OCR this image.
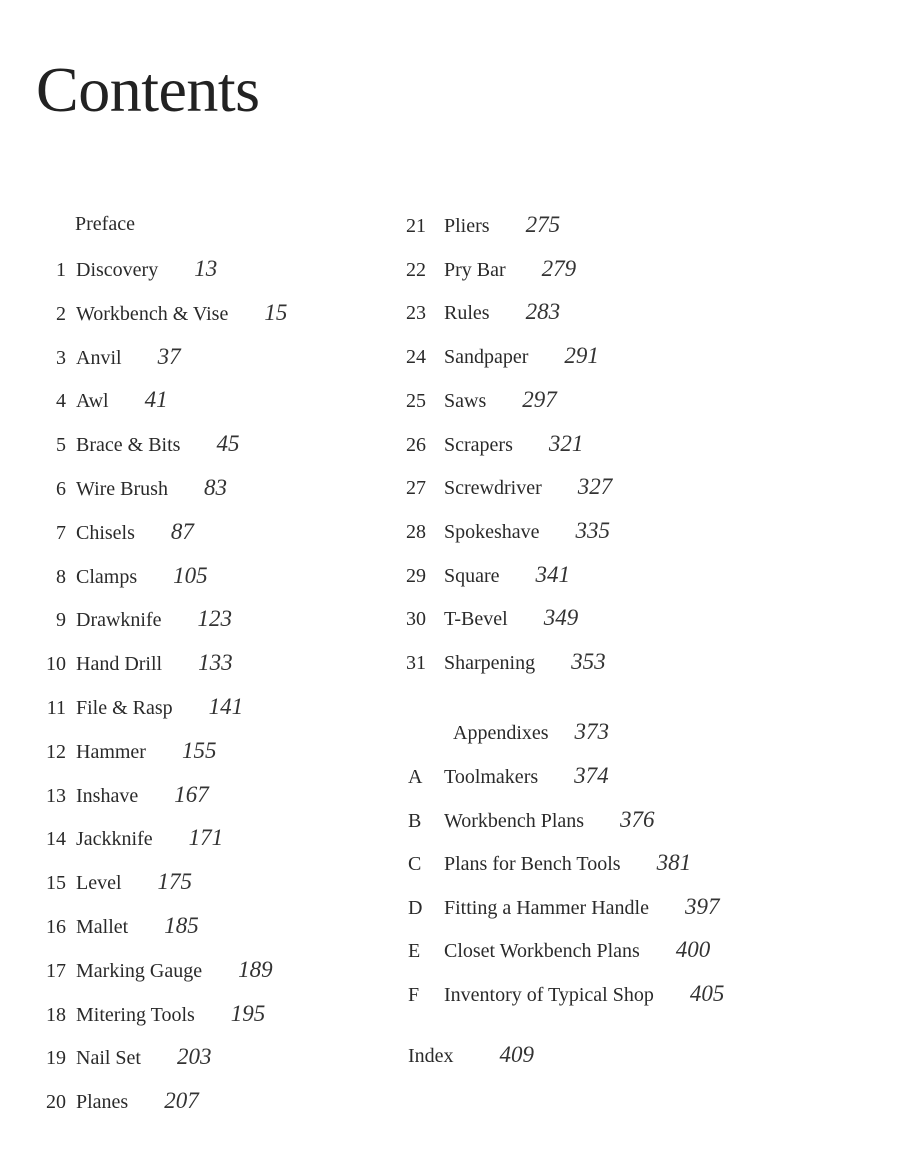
Contents
Preface
1 Discovery 13
2 Workbench & Vise 15
3 Anvil 37
4 Awl 41
5 Brace & Bits 45
6 Wire Brush 83
7 Chisels 87
8 Clamps 105
9 Drawknife 123
10 Hand Drill 133
11 File & Rasp 141
12 Hammer 155
13 Inshave 167
14 Jackknife 171
15 Level 175
16 Mallet 185
17 Marking Gauge 189
18 Mitering Tools 195
19 Nail Set 203
20 Planes 207
21 Pliers 275
22 Pry Bar 279
23 Rules 283
24 Sandpaper 291
25 Saws 297
26 Scrapers 321
27 Screwdriver 327
28 Spokeshave 335
29 Square 341
30 T-Bevel 349
31 Sharpening 353
Appendixes 373
A Toolmakers 374
B Workbench Plans 376
C Plans for Bench Tools 381
D Fitting a Hammer Handle 397
E Closet Workbench Plans 400
F Inventory of Typical Shop 405
Index 409
